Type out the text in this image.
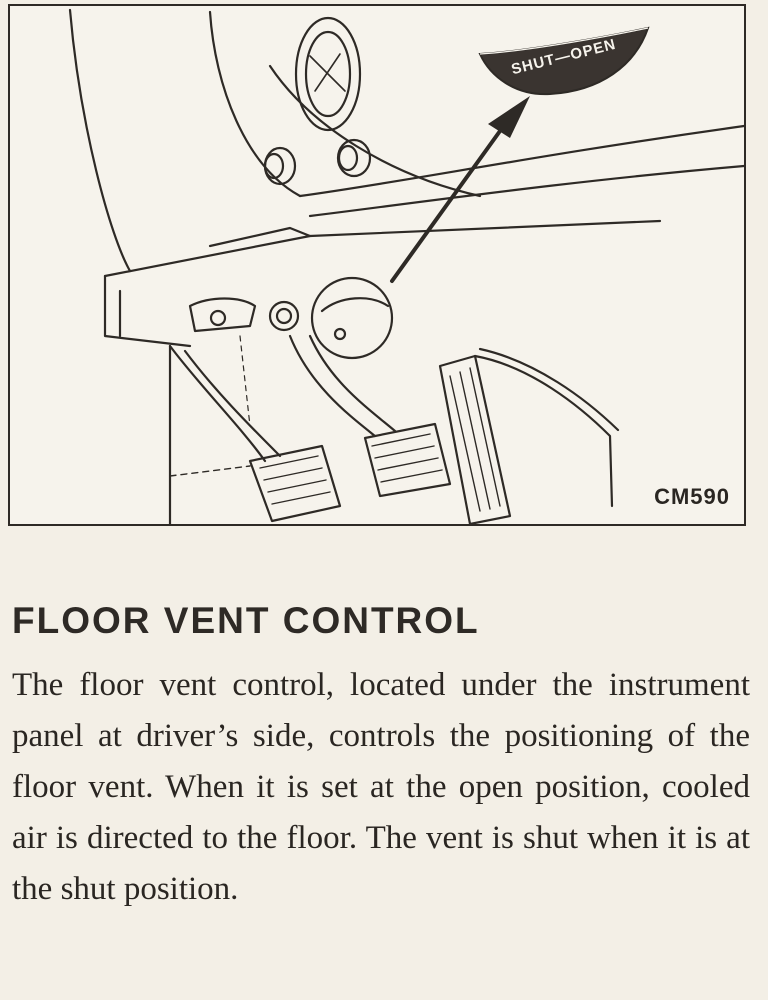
SHUT—OPEN
CM590
FLOOR VENT CONTROL

The floor vent control, located under the instrument panel at driver’s side, controls the positioning of the floor vent. When it is set at the open position, cooled air is directed to the floor. The vent is shut when it is at the shut position.
